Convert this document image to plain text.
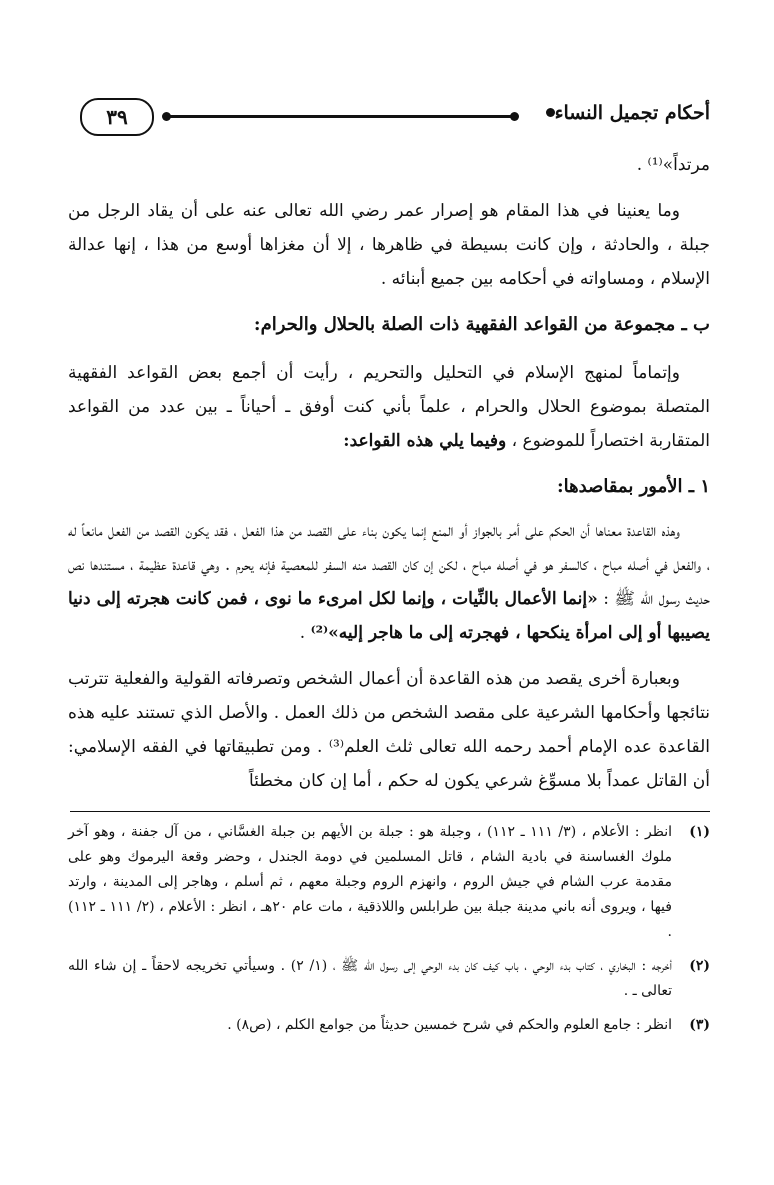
أحكام تجميل النساء
٣٩

مرتداً»⁽¹⁾ .

وما يعنينا في هذا المقام هو إصرار عمر رضي الله تعالى عنه على أن يقاد الرجل من جبلة ، والحادثة ، وإن كانت بسيطة في ظاهرها ، إلا أن مغزاها أوسع من هذا ، إنها عدالة الإسلام ، ومساواته في أحكامه بين جميع أبنائه .

ب ـ مجموعة من القواعد الفقهية ذات الصلة بالحلال والحرام:

وإتماماً لمنهج الإسلام في التحليل والتحريم ، رأيت أن أجمع بعض القواعد الفقهية المتصلة بموضوع الحلال والحرام ، علماً بأني كنت أوفق ـ أحياناً ـ بين عدد من القواعد المتقاربة اختصاراً للموضوع ، وفيما يلي هذه القواعد:

١ ـ الأمور بمقاصدها:

وهذه القاعدة معناها أن الحكم على أمر بالجواز أو المنع إنما يكون بناء على القصد من هذا الفعل ، فقد يكون القصد من الفعل مانعاً له ، والفعل في أصله مباح ، كالسفر هو في أصله مباح ، لكن إن كان القصد منه السفر للمعصية فإنه يحرم . وهي قاعدة عظيمة ، مستندها نص حديث رسول الله ﷺ : «إنما الأعمال بالنِّيات ، وإنما لكل امرىء ما نوى ، فمن كانت هجرته إلى دنيا يصيبها أو إلى امرأة ينكحها ، فهجرته إلى ما هاجر إليه»⁽²⁾ .

وبعبارة أخرى يقصد من هذه القاعدة أن أعمال الشخص وتصرفاته القولية والفعلية تترتب نتائجها وأحكامها الشرعية على مقصد الشخص من ذلك العمل . والأصل الذي تستند عليه هذه القاعدة عده الإمام أحمد رحمه الله تعالى ثلث العلم⁽³⁾ . ومن تطبيقاتها في الفقه الإسلامي: أن القاتل عمداً بلا مسوِّغ شرعي يكون له حكم ، أما إن كان مخطئاً

(١)
انظر : الأعلام ، (٣/ ١١١ ـ ١١٢) ، وجبلة هو : جبلة بن الأيهم بن جبلة الغسَّاني ، من آل جفنة ، وهو آخر ملوك الغساسنة في بادية الشام ، قاتل المسلمين في دومة الجندل ، وحضر وقعة اليرموك وهو على مقدمة عرب الشام في جيش الروم ، وانهزم الروم وجبلة معهم ، ثم أسلم ، وهاجر إلى المدينة ، وارتد فيها ، ويروى أنه باني مدينة جبلة بين طرابلس واللاذقية ، مات عام ٢٠هـ ، انظر : الأعلام ، (٢/ ١١١ ـ ١١٢) .
(٢)
أخرجه : البخاري ، كتاب بدء الوحي ، باب كيف كان بدء الوحي إلى رسول الله ﷺ ، (١/ ٢) . وسيأتي تخريجه لاحقاً ـ إن شاء الله تعالى ـ .
(٣)
انظر : جامع العلوم والحكم في شرح خمسين حديثاً من جوامع الكلم ، (ص٨) .
